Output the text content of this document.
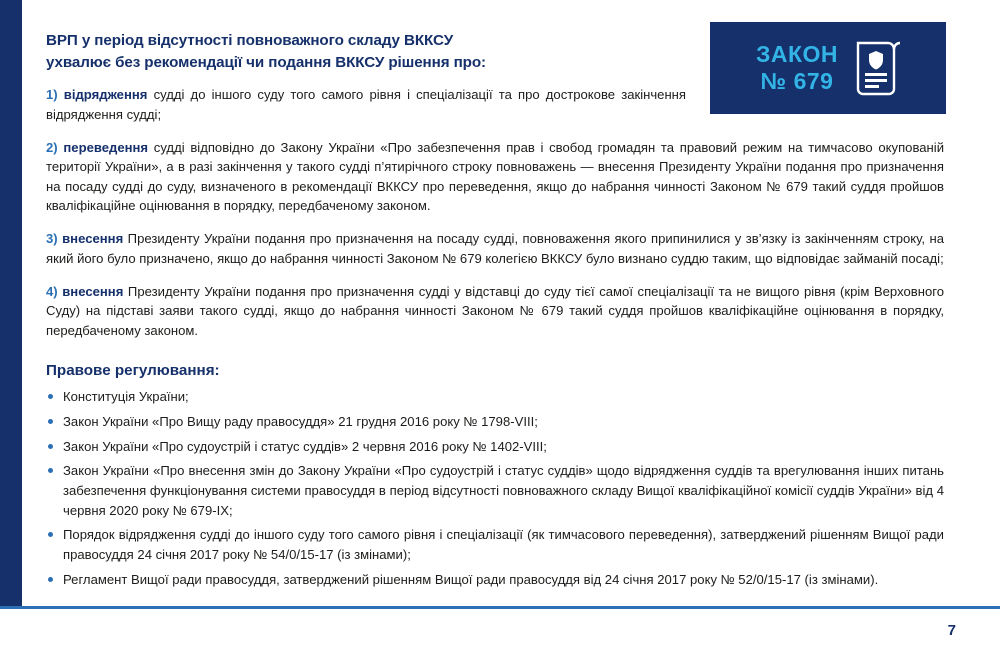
ВРП у період відсутності повноважного складу ВККСУ
ухвалює без рекомендації чи подання ВККСУ рішення про:	ЗАКОН
№ 679

1) відрядження судді до іншого суду того самого рівня і спеціалізації та про дострокове закінчення відрядження судді;

2) переведення судді відповідно до Закону України «Про забезпечення прав і свобод громадян та правовий режим на тимчасово окупованій території України», а в разі закінчення у такого судді п’ятирічного строку повноважень — внесення Президенту України подання про призначення на посаду судді до суду, визначеного в рекомендації ВККСУ про переведення, якщо до набрання чинності Законом № 679 такий суддя пройшов кваліфікаційне оцінювання в порядку, передбаченому законом.

3) внесення Президенту України подання про призначення на посаду судді, повноваження якого припинилися у зв’язку із закінченням строку, на який його було призначено, якщо до набрання чинності Законом № 679 колегією ВККСУ було визнано суддю таким, що відповідає займаній посаді;

4) внесення Президенту України подання про призначення судді у відставці до суду тієї самої спеціалізації та не вищого рівня (крім Верховного Суду) на підставі заяви такого судді, якщо до набрання чинності Законом № 679 такий суддя пройшов кваліфікаційне оцінювання в порядку, передбаченому законом.

Правове регулювання:
Конституція України;
Закон України «Про Вищу раду правосуддя» 21 грудня 2016 року № 1798-VIII;
Закон України «Про судоустрій і статус суддів» 2 червня 2016 року № 1402-VIII;
Закон України «Про внесення змін до Закону України «Про судоустрій і статус суддів» щодо відрядження суддів та врегулювання інших питань забезпечення функціонування системи правосуддя в період відсутності повноважного складу Вищої кваліфікаційної комісії суддів України» від 4 червня 2020 року № 679-IX;
Порядок відрядження судді до іншого суду того самого рівня і спеціалізації (як тимчасового переведення), затверджений рішенням Вищої ради правосуддя 24 січня 2017 року № 54/0/15-17 (із змінами);
Регламент Вищої ради правосуддя, затверджений рішенням Вищої ради правосуддя від 24 січня 2017 року № 52/0/15-17 (із змінами).
7
